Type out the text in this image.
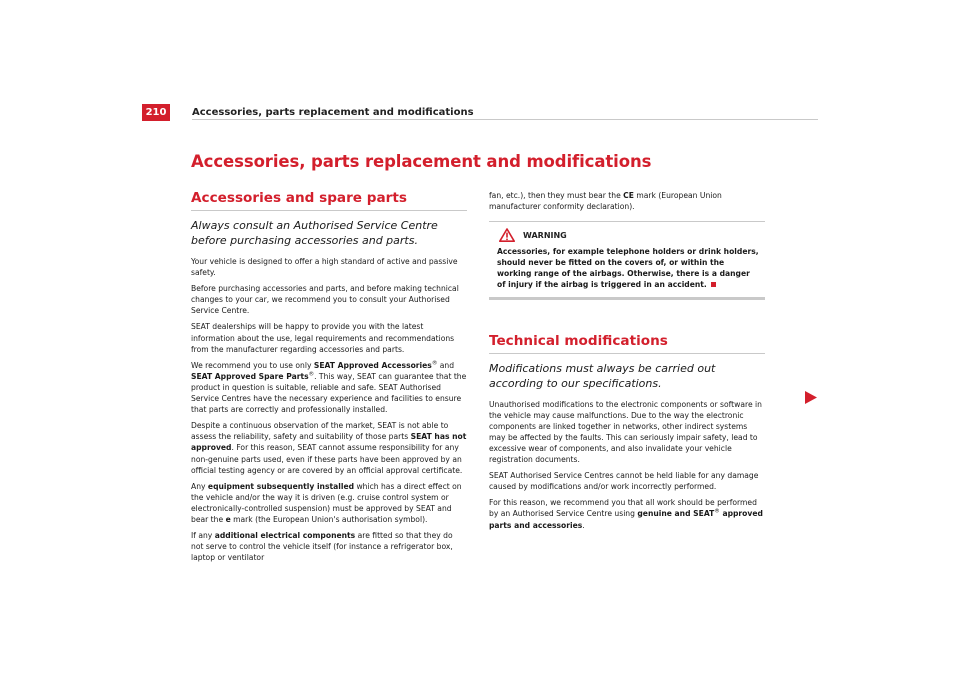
210	Accessories, parts replacement and modifications
Accessories, parts replacement and modifications
Accessories and spare parts

Always consult an Authorised Service Centre before purchasing accessories and parts.

Your vehicle is designed to offer a high standard of active and passive safety.

Before purchasing accessories and parts, and before making technical changes to your car, we recommend you to consult your Authorised Service Centre.

SEAT dealerships will be happy to provide you with the latest information about the use, legal requirements and recommendations from the manufacturer regarding accessories and parts.

We recommend you to use only SEAT Approved Accessories® and SEAT Approved Spare Parts®. This way, SEAT can guarantee that the product in question is suitable, reliable and safe. SEAT Authorised Service Centres have the necessary experience and facilities to ensure that parts are correctly and professionally installed.

Despite a continuous observation of the market, SEAT is not able to assess the reliability, safety and suitability of those parts SEAT has not approved. For this reason, SEAT cannot assume responsibility for any non-genuine parts used, even if these parts have been approved by an official testing agency or are covered by an official approval certificate.

Any equipment subsequently installed which has a direct effect on the vehicle and/or the way it is driven (e.g. cruise control system or electronically-controlled suspension) must be approved by SEAT and bear the e mark (the European Union's authorisation symbol).

If any additional electrical components are fitted so that they do not serve to control the vehicle itself (for instance a refrigerator box, laptop or ventilator

fan, etc.), then they must bear the CE mark (European Union manufacturer conformity declaration).

WARNING

Accessories, for example telephone holders or drink holders, should never be fitted on the covers of, or within the working range of the airbags. Otherwise, there is a danger of injury if the airbag is triggered in an accident.

Technical modifications

Modifications must always be carried out according to our specifications.

Unauthorised modifications to the electronic components or software in the vehicle may cause malfunctions. Due to the way the electronic components are linked together in networks, other indirect systems may be affected by the faults. This can seriously impair safety, lead to excessive wear of components, and also invalidate your vehicle registration documents.

SEAT Authorised Service Centres cannot be held liable for any damage caused by modifications and/or work incorrectly performed.

For this reason, we recommend you that all work should be performed by an Authorised Service Centre using genuine and SEAT® approved parts and accessories.
